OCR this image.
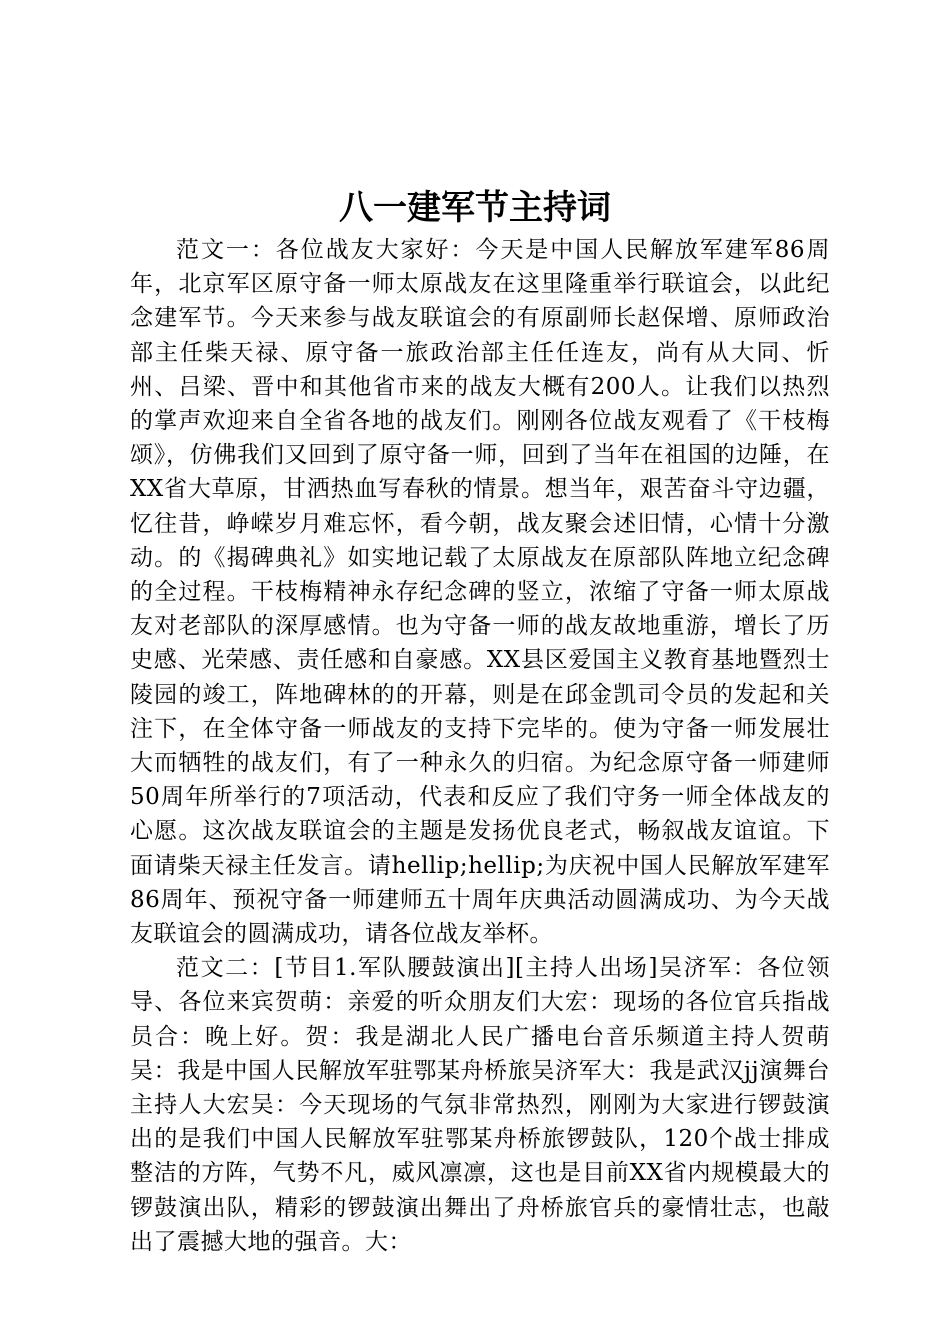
八一建军节主持词

范文一：各位战友大家好：今天是中国人民解放军建军86周年，北京军区原守备一师太原战友在这里隆重举行联谊会，以此纪念建军节。今天来参与战友联谊会的有原副师长赵保增、原师政治部主任柴天禄、原守备一旅政治部主任任连友，尚有从大同、忻州、吕梁、晋中和其他省市来的战友大概有200人。让我们以热烈的掌声欢迎来自全省各地的战友们。刚刚各位战友观看了《干枝梅颂》，仿佛我们又回到了原守备一师，回到了当年在祖国的边陲，在XX省大草原，甘洒热血写春秋的情景。想当年，艰苦奋斗守边疆，忆往昔，峥嵘岁月难忘怀，看今朝，战友聚会述旧情，心情十分激动。的《揭碑典礼》如实地记载了太原战友在原部队阵地立纪念碑的全过程。干枝梅精神永存纪念碑的竖立，浓缩了守备一师太原战友对老部队的深厚感情。也为守备一师的战友故地重游，增长了历史感、光荣感、责任感和自豪感。XX县区爱国主义教育基地暨烈士陵园的竣工，阵地碑林的的开幕，则是在邱金凯司令员的发起和关注下，在全体守备一师战友的支持下完毕的。使为守备一师发展壮大而牺牲的战友们，有了一种永久的归宿。为纪念原守备一师建师50周年所举行的7项活动，代表和反应了我们守务一师全体战友的心愿。这次战友联谊会的主题是发扬优良老式，畅叙战友谊谊。下面请柴天禄主任发言。请hellip;hellip;为庆祝中国人民解放军建军86周年、预祝守备一师建师五十周年庆典活动圆满成功、为今天战友联谊会的圆满成功，请各位战友举杯。

范文二：[节目1.军队腰鼓演出][主持人出场]吴济军：各位领导、各位来宾贺萌：亲爱的听众朋友们大宏：现场的各位官兵指战员合：晚上好。贺：我是湖北人民广播电台音乐频道主持人贺萌吴：我是中国人民解放军驻鄂某舟桥旅吴济军大：我是武汉jj演舞台主持人大宏吴：今天现场的气氛非常热烈，刚刚为大家进行锣鼓演出的是我们中国人民解放军驻鄂某舟桥旅锣鼓队，120个战士排成整洁的方阵，气势不凡，威风凛凛，这也是目前XX省内规模最大的锣鼓演出队，精彩的锣鼓演出舞出了舟桥旅官兵的豪情壮志，也敲出了震撼大地的强音。大：
